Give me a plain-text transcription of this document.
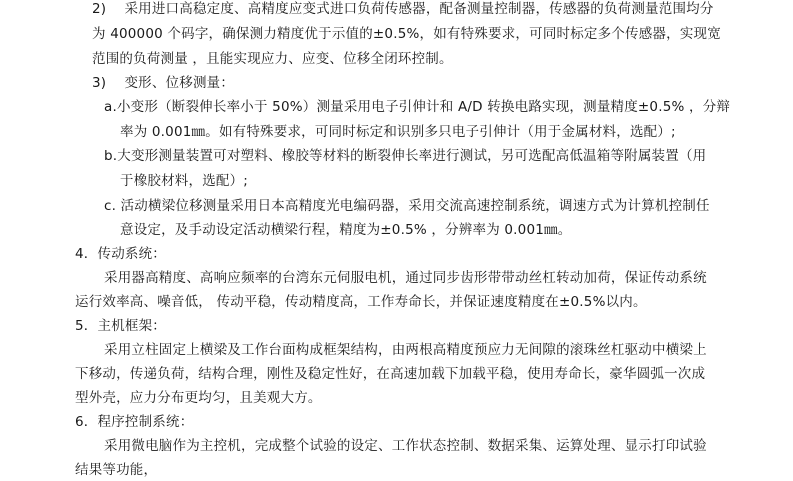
2)　 采用进口高稳定度、高精度应变式进口负荷传感器，配备测量控制器，传感器的负荷测量范围均分
为 400000 个码字，确保测力精度优于示值的±0.5%，如有特殊要求，可同时标定多个传感器，实现宽
范围的负荷测量 ，且能实现应力、应变、位移全闭环控制。
3)　 变形、位移测量：
a.小变形（断裂伸长率小于 50%）测量采用电子引伸计和 A/D 转换电路实现，测量精度±0.5% ，分辩
率为 0.001㎜。如有特殊要求，可同时标定和识别多只电子引伸计（用于金属材料，选配）;
b.大变形测量装置可对塑料、橡胶等材料的断裂伸长率进行测试，另可选配高低温箱等附属装置（用
于橡胶材料，选配）;
c. 活动横梁位移测量采用日本高精度光电编码器，采用交流高速控制系统，调速方式为计算机控制任
意设定，及手动设定活动横梁行程，精度为±0.5% ，分辨率为 0.001㎜。
4．传动系统：
采用器高精度、高响应频率的台湾东元伺服电机，通过同步齿形带带动丝杠转动加荷，保证传动系统
运行效率高、噪音低， 传动平稳，传动精度高，工作寿命长，并保证速度精度在±0.5%以内。
5．主机框架：
采用立柱固定上横梁及工作台面构成框架结构，由两根高精度预应力无间隙的滚珠丝杠驱动中横梁上
下移动，传递负荷，结构合理，刚性及稳定性好，在高速加载下加载平稳，使用寿命长，豪华圆弧一次成
型外壳，应力分布更均匀，且美观大方。
6．程序控制系统：
采用微电脑作为主控机，完成整个试验的设定、工作状态控制、数据采集、运算处理、显示打印试验
结果等功能，
